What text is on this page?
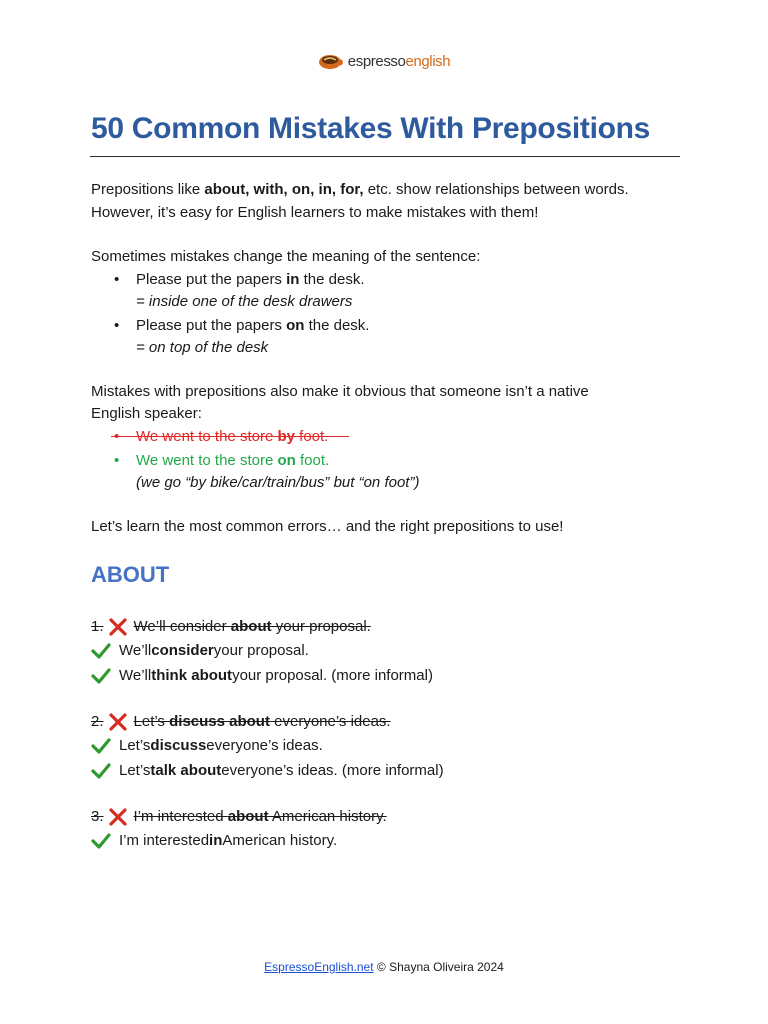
espressoenglish
50 Common Mistakes With Prepositions
Prepositions like about, with, on, in, for, etc. show relationships between words.
However, it’s easy for English learners to make mistakes with them!
Sometimes mistakes change the meaning of the sentence:
• Please put the papers in the desk.
= inside one of the desk drawers
• Please put the papers on the desk.
= on top of the desk
Mistakes with prepositions also make it obvious that someone isn’t a native
English speaker:
• We went to the store by foot.
• We went to the store on foot.
(we go “by bike/car/train/bus” but “on foot”)
Let’s learn the most common errors… and the right prepositions to use!
ABOUT
1. We’ll consider about your proposal.
We’ll consider your proposal.
We’ll think about your proposal. (more informal)
2. Let’s discuss about everyone’s ideas.
Let’s discuss everyone’s ideas.
Let’s talk about everyone’s ideas. (more informal)
3. I’m interested about American history.
I’m interested in American history.
EspressoEnglish.net © Shayna Oliveira 2024
